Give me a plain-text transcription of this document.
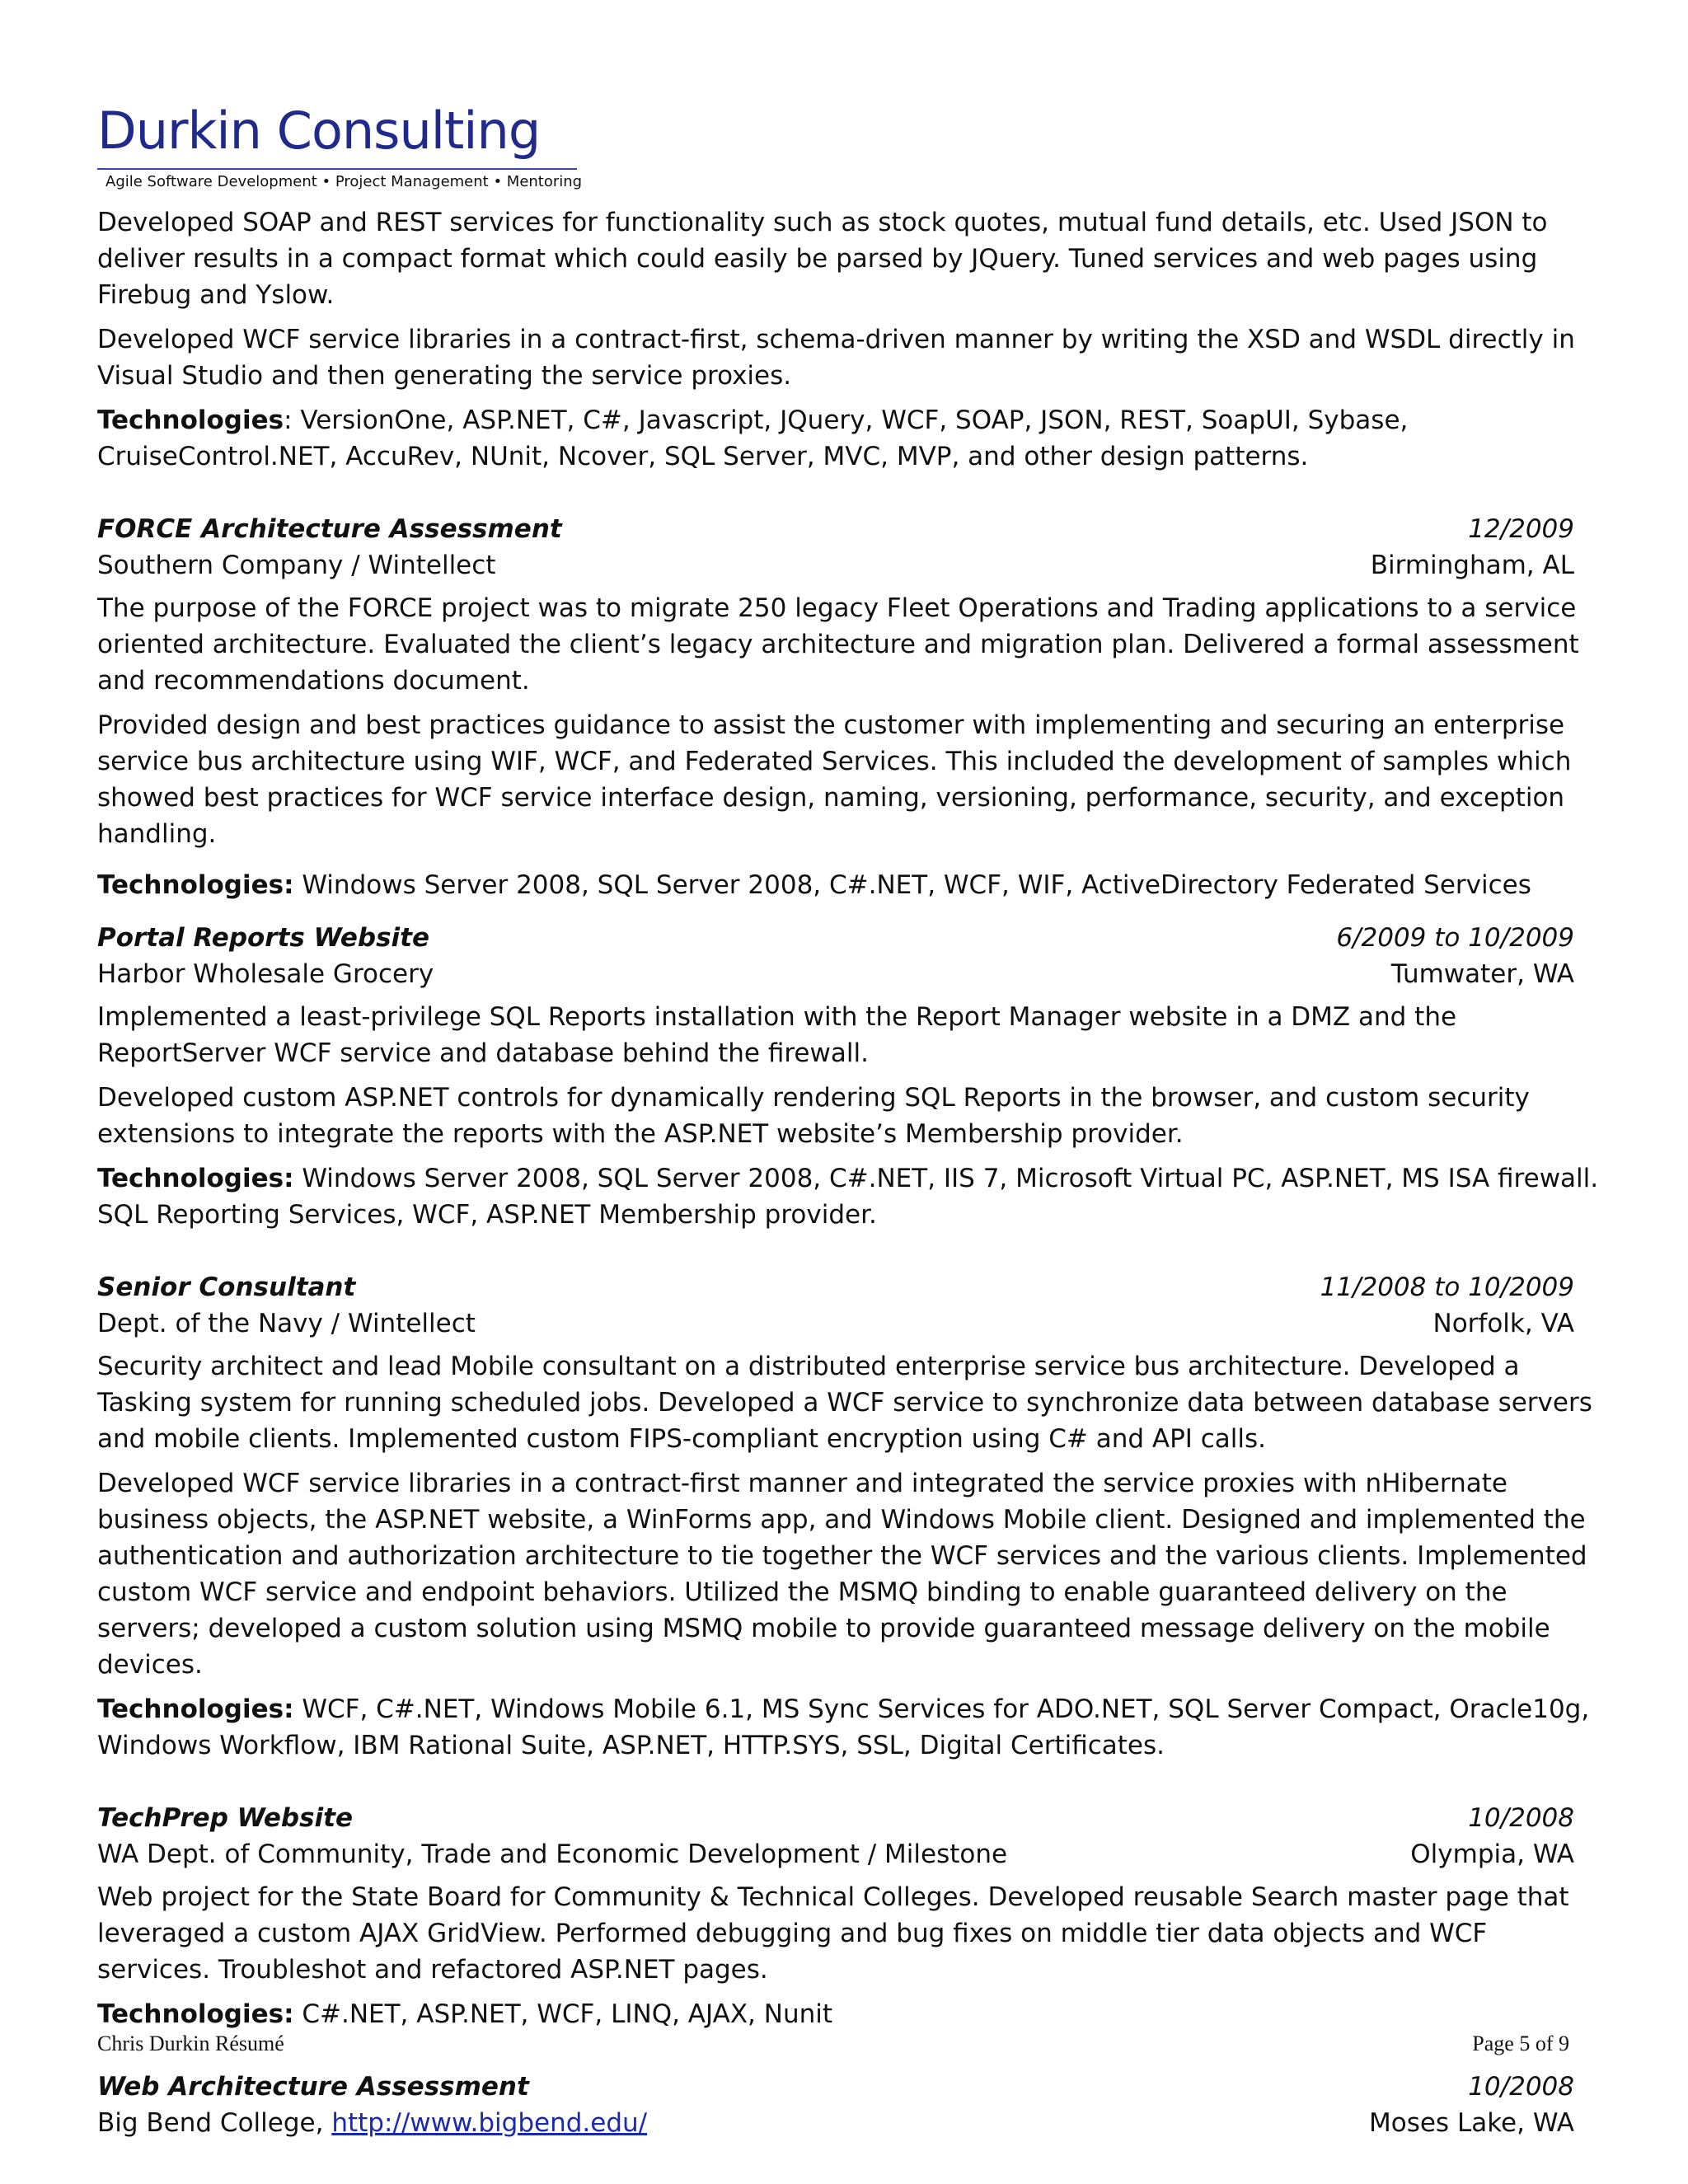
Durkin Consulting
Agile Software Development • Project Management • Mentoring

Developed SOAP and REST services for functionality such as stock quotes, mutual fund details, etc. Used JSON to deliver results in a compact format which could easily be parsed by JQuery. Tuned services and web pages using Firebug and Yslow.

Developed WCF service libraries in a contract-first, schema-driven manner by writing the XSD and WSDL directly in Visual Studio and then generating the service proxies.

Technologies: VersionOne, ASP.NET, C#, Javascript, JQuery, WCF, SOAP, JSON, REST, SoapUI, Sybase, CruiseControl.NET, AccuRev, NUnit, Ncover, SQL Server, MVC, MVP, and other design patterns.

FORCE Architecture Assessment	12/2009
Southern Company / Wintellect	Birmingham, AL

The purpose of the FORCE project was to migrate 250 legacy Fleet Operations and Trading applications to a service oriented architecture. Evaluated the client’s legacy architecture and migration plan. Delivered a formal assessment and recommendations document.

Provided design and best practices guidance to assist the customer with implementing and securing an enterprise service bus architecture using WIF, WCF, and Federated Services. This included the development of samples which showed best practices for WCF service interface design, naming, versioning, performance, security, and exception handling.

Technologies: Windows Server 2008, SQL Server 2008, C#.NET, WCF, WIF, ActiveDirectory Federated Services

Portal Reports Website	6/2009 to 10/2009
Harbor Wholesale Grocery	Tumwater, WA

Implemented a least-privilege SQL Reports installation with the Report Manager website in a DMZ and the ReportServer WCF service and database behind the firewall.

Developed custom ASP.NET controls for dynamically rendering SQL Reports in the browser, and custom security extensions to integrate the reports with the ASP.NET website’s Membership provider.

Technologies: Windows Server 2008, SQL Server 2008, C#.NET, IIS 7, Microsoft Virtual PC, ASP.NET, MS ISA firewall. SQL Reporting Services, WCF, ASP.NET Membership provider.

Senior Consultant	11/2008 to 10/2009
Dept. of the Navy / Wintellect	Norfolk, VA

Security architect and lead Mobile consultant on a distributed enterprise service bus architecture. Developed a Tasking system for running scheduled jobs. Developed a WCF service to synchronize data between database servers and mobile clients. Implemented custom FIPS-compliant encryption using C# and API calls.

Developed WCF service libraries in a contract-first manner and integrated the service proxies with nHibernate business objects, the ASP.NET website, a WinForms app, and Windows Mobile client. Designed and implemented the authentication and authorization architecture to tie together the WCF services and the various clients. Implemented custom WCF service and endpoint behaviors. Utilized the MSMQ binding to enable guaranteed delivery on the servers; developed a custom solution using MSMQ mobile to provide guaranteed message delivery on the mobile devices.

Technologies: WCF, C#.NET, Windows Mobile 6.1, MS Sync Services for ADO.NET, SQL Server Compact, Oracle10g, Windows Workflow, IBM Rational Suite, ASP.NET, HTTP.SYS, SSL, Digital Certificates.

TechPrep Website	10/2008
WA Dept. of Community, Trade and Economic Development / Milestone	Olympia, WA

Web project for the State Board for Community & Technical Colleges. Developed reusable Search master page that leveraged a custom AJAX GridView. Performed debugging and bug fixes on middle tier data objects and WCF services. Troubleshot and refactored ASP.NET pages.

Technologies: C#.NET, ASP.NET, WCF, LINQ, AJAX, Nunit

Web Architecture Assessment	10/2008
Big Bend College, http://www.bigbend.edu/	Moses Lake, WA
Chris Durkin Résumé	Page 5 of 9
